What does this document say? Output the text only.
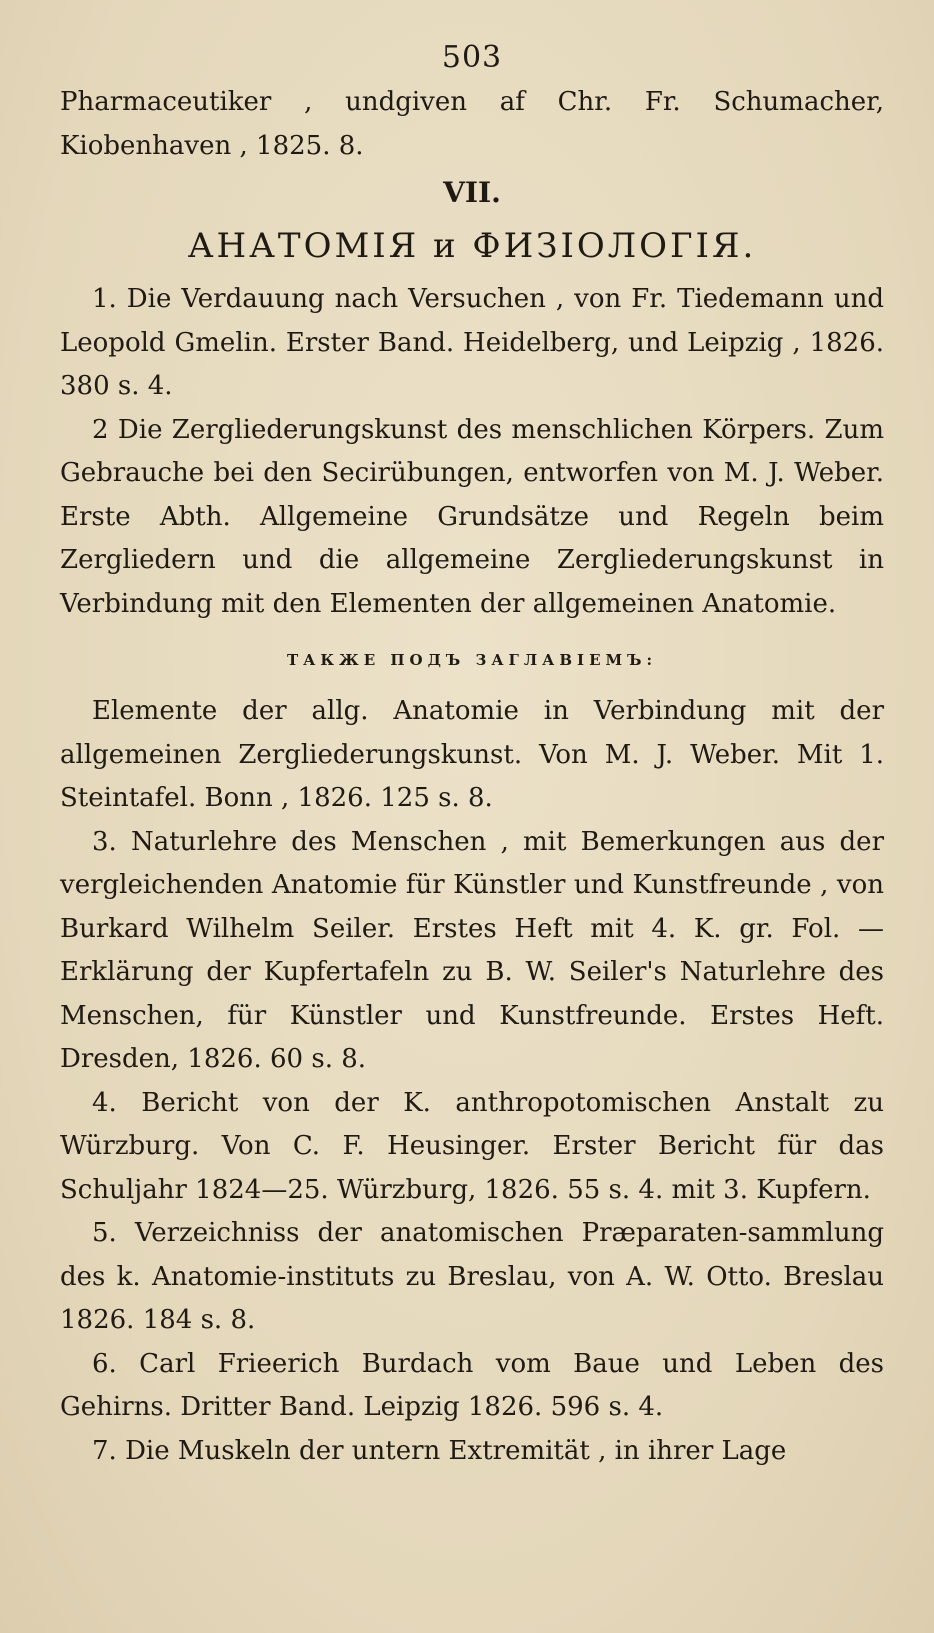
503

Pharmaceutiker , undgiven af Chr. Fr. Schumacher, Kiobenhaven , 1825. 8.

VII.
АНАТОМІЯ и ФИЗІОЛОГІЯ.

1. Die Verdauung nach Versuchen , von Fr. Tiedemann und Leopold Gmelin. Erster Band. Heidelberg, und Leipzig , 1826. 380 s. 4.

2 Die Zergliederungskunst des menschlichen Körpers. Zum Gebrauche bei den Secirübungen, entworfen von M. J. Weber. Erste Abth. Allgemeine Grundsätze und Regeln beim Zergliedern und die allgemeine Zergliederungskunst in Verbindung mit den Elementen der allgemeinen Anatomie.

ТАКЖЕ ПОДЪ ЗАГЛАВІЕМЪ:

Elemente der allg. Anatomie in Verbindung mit der allgemeinen Zergliederungskunst. Von M. J. Weber. Mit 1. Steintafel. Bonn , 1826. 125 s. 8.

3. Naturlehre des Menschen , mit Bemerkungen aus der vergleichenden Anatomie für Künstler und Kunstfreunde , von Burkard Wilhelm Seiler. Erstes Heft mit 4. K. gr. Fol. — Erklärung der Kupfertafeln zu B. W. Seiler's Naturlehre des Menschen, für Künstler und Kunstfreunde. Erstes Heft. Dresden, 1826. 60 s. 8.

4. Bericht von der K. anthropotomischen Anstalt zu Würzburg. Von C. F. Heusinger. Erster Bericht für das Schuljahr 1824—25. Würzburg, 1826. 55 s. 4. mit 3. Kupfern.

5. Verzeichniss der anatomischen Præparaten-sammlung des k. Anatomie-instituts zu Breslau, von A. W. Otto. Breslau 1826. 184 s. 8.

6. Carl Frieerich Burdach vom Baue und Leben des Gehirns. Dritter Band. Leipzig 1826. 596 s. 4.

7. Die Muskeln der untern Extremität , in ihrer Lage
